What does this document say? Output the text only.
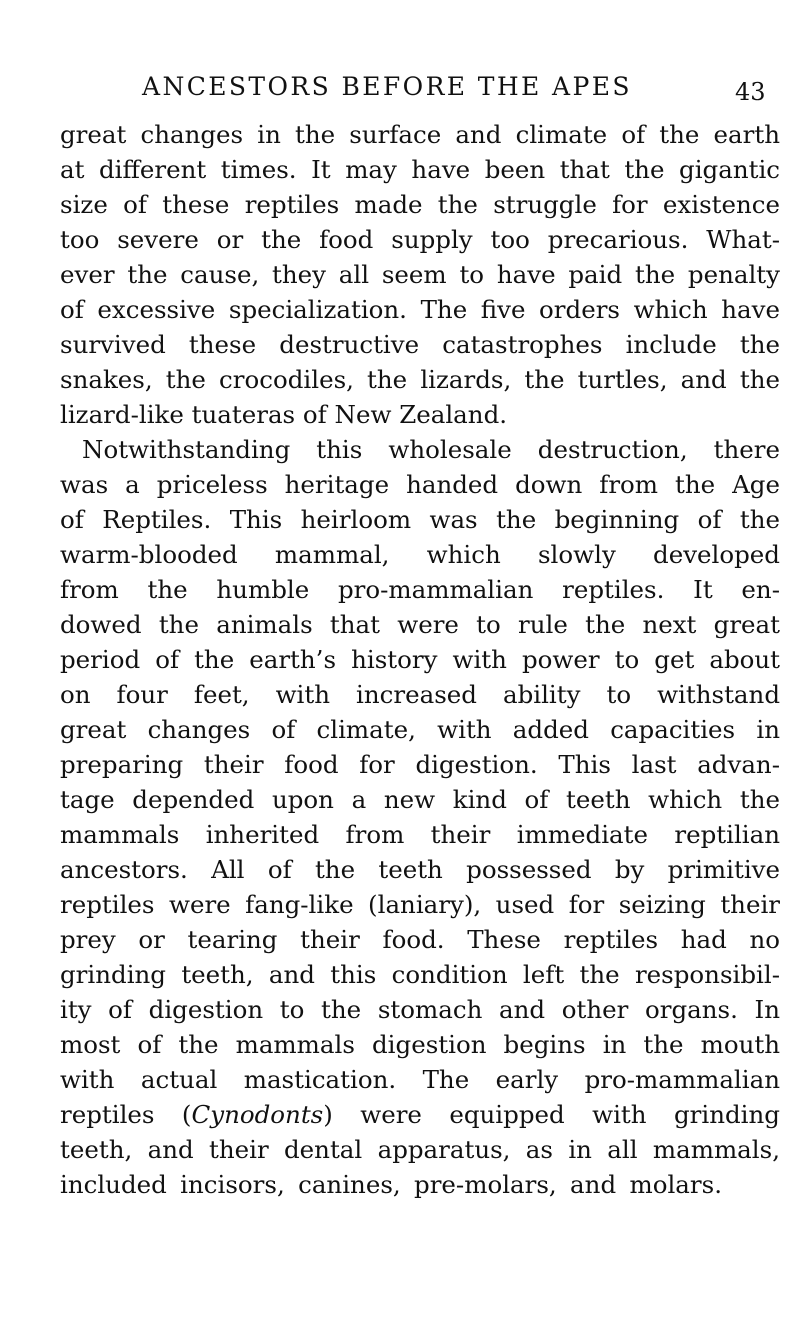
ANCESTORS BEFORE THE APES	43
great changes in the surface and climate of the earth
at different times. It may have been that the gigantic
size of these reptiles made the struggle for existence
too severe or the food supply too precarious. What-
ever the cause, they all seem to have paid the penalty
of excessive specialization. The five orders which have
survived these destructive catastrophes include the
snakes, the crocodiles, the lizards, the turtles, and the
lizard-like tuateras of New Zealand.
Notwithstanding this wholesale destruction, there
was a priceless heritage handed down from the Age
of Reptiles. This heirloom was the beginning of the
warm-blooded mammal, which slowly developed
from the humble pro-mammalian reptiles. It en-
dowed the animals that were to rule the next great
period of the earth’s history with power to get about
on four feet, with increased ability to withstand
great changes of climate, with added capacities in
preparing their food for digestion. This last advan-
tage depended upon a new kind of teeth which the
mammals inherited from their immediate reptilian
ancestors. All of the teeth possessed by primitive
reptiles were fang-like (laniary), used for seizing their
prey or tearing their food. These reptiles had no
grinding teeth, and this condition left the responsibil-
ity of digestion to the stomach and other organs. In
most of the mammals digestion begins in the mouth
with actual mastication. The early pro-mammalian
reptiles (Cynodonts) were equipped with grinding
teeth, and their dental apparatus, as in all mammals,
included incisors, canines, pre-molars, and molars.
